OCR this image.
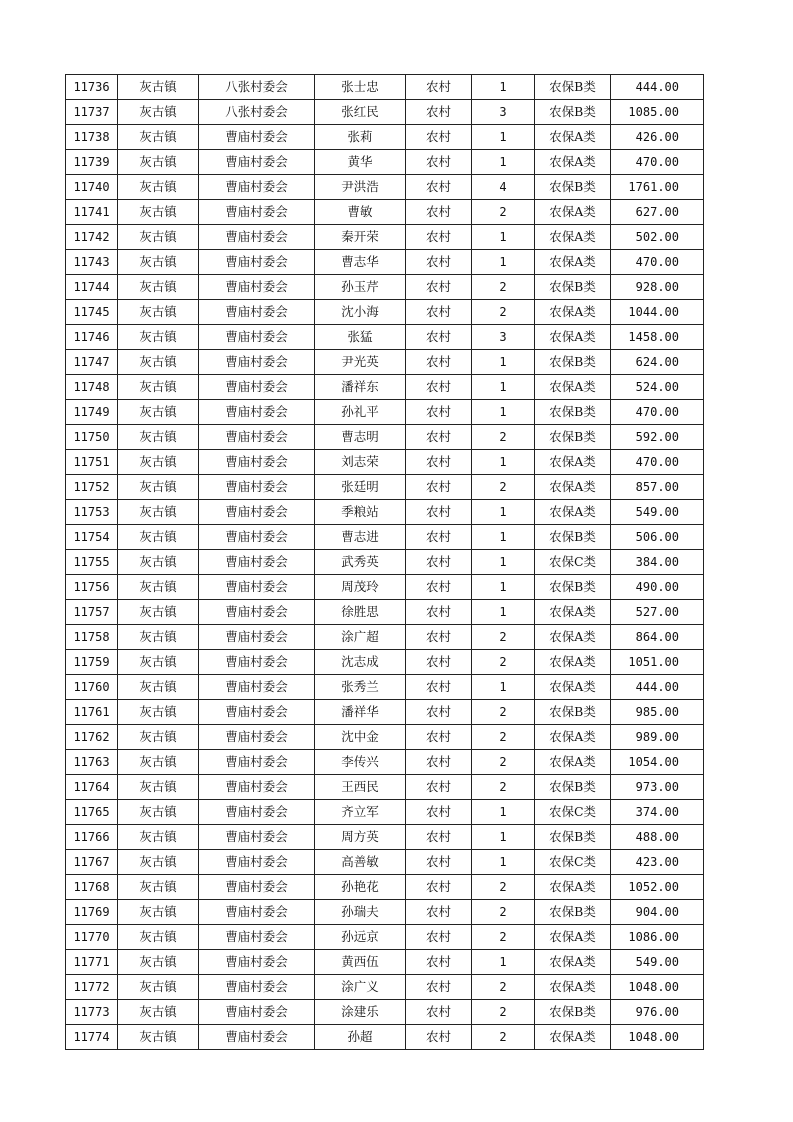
11736	灰古镇	八张村委会	张士忠	农村	1	农保B类	444.00
11737	灰古镇	八张村委会	张红民	农村	3	农保B类	1085.00
11738	灰古镇	曹庙村委会	张莉	农村	1	农保A类	426.00
11739	灰古镇	曹庙村委会	黄华	农村	1	农保A类	470.00
11740	灰古镇	曹庙村委会	尹洪浩	农村	4	农保B类	1761.00
11741	灰古镇	曹庙村委会	曹敏	农村	2	农保A类	627.00
11742	灰古镇	曹庙村委会	秦开荣	农村	1	农保A类	502.00
11743	灰古镇	曹庙村委会	曹志华	农村	1	农保A类	470.00
11744	灰古镇	曹庙村委会	孙玉芹	农村	2	农保B类	928.00
11745	灰古镇	曹庙村委会	沈小海	农村	2	农保A类	1044.00
11746	灰古镇	曹庙村委会	张猛	农村	3	农保A类	1458.00
11747	灰古镇	曹庙村委会	尹光英	农村	1	农保B类	624.00
11748	灰古镇	曹庙村委会	潘祥东	农村	1	农保A类	524.00
11749	灰古镇	曹庙村委会	孙礼平	农村	1	农保B类	470.00
11750	灰古镇	曹庙村委会	曹志明	农村	2	农保B类	592.00
11751	灰古镇	曹庙村委会	刘志荣	农村	1	农保A类	470.00
11752	灰古镇	曹庙村委会	张廷明	农村	2	农保A类	857.00
11753	灰古镇	曹庙村委会	季粮站	农村	1	农保A类	549.00
11754	灰古镇	曹庙村委会	曹志进	农村	1	农保B类	506.00
11755	灰古镇	曹庙村委会	武秀英	农村	1	农保C类	384.00
11756	灰古镇	曹庙村委会	周茂玲	农村	1	农保B类	490.00
11757	灰古镇	曹庙村委会	徐胜思	农村	1	农保A类	527.00
11758	灰古镇	曹庙村委会	涂广超	农村	2	农保A类	864.00
11759	灰古镇	曹庙村委会	沈志成	农村	2	农保A类	1051.00
11760	灰古镇	曹庙村委会	张秀兰	农村	1	农保A类	444.00
11761	灰古镇	曹庙村委会	潘祥华	农村	2	农保B类	985.00
11762	灰古镇	曹庙村委会	沈中金	农村	2	农保A类	989.00
11763	灰古镇	曹庙村委会	李传兴	农村	2	农保A类	1054.00
11764	灰古镇	曹庙村委会	王西民	农村	2	农保B类	973.00
11765	灰古镇	曹庙村委会	齐立军	农村	1	农保C类	374.00
11766	灰古镇	曹庙村委会	周方英	农村	1	农保B类	488.00
11767	灰古镇	曹庙村委会	高善敏	农村	1	农保C类	423.00
11768	灰古镇	曹庙村委会	孙艳花	农村	2	农保A类	1052.00
11769	灰古镇	曹庙村委会	孙瑞夫	农村	2	农保B类	904.00
11770	灰古镇	曹庙村委会	孙远京	农村	2	农保A类	1086.00
11771	灰古镇	曹庙村委会	黄西伍	农村	1	农保A类	549.00
11772	灰古镇	曹庙村委会	涂广义	农村	2	农保A类	1048.00
11773	灰古镇	曹庙村委会	涂建乐	农村	2	农保B类	976.00
11774	灰古镇	曹庙村委会	孙超	农村	2	农保A类	1048.00
